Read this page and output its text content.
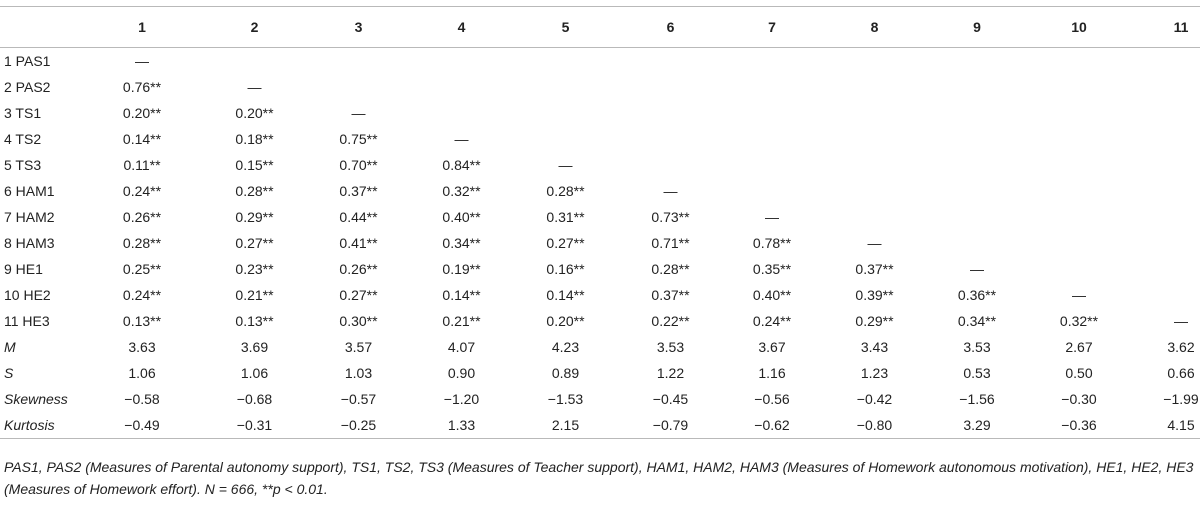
	1	2	3	4	5	6	7	8	9	10	11
1 PAS1	—										
2 PAS2	0.76**	—									
3 TS1	0.20**	0.20**	—								
4 TS2	0.14**	0.18**	0.75**	—							
5 TS3	0.11**	0.15**	0.70**	0.84**	—						
6 HAM1	0.24**	0.28**	0.37**	0.32**	0.28**	—					
7 HAM2	0.26**	0.29**	0.44**	0.40**	0.31**	0.73**	—				
8 HAM3	0.28**	0.27**	0.41**	0.34**	0.27**	0.71**	0.78**	—			
9 HE1	0.25**	0.23**	0.26**	0.19**	0.16**	0.28**	0.35**	0.37**	—		
10 HE2	0.24**	0.21**	0.27**	0.14**	0.14**	0.37**	0.40**	0.39**	0.36**	—	
11 HE3	0.13**	0.13**	0.30**	0.21**	0.20**	0.22**	0.24**	0.29**	0.34**	0.32**	—
M	3.63	3.69	3.57	4.07	4.23	3.53	3.67	3.43	3.53	2.67	3.62
S	1.06	1.06	1.03	0.90	0.89	1.22	1.16	1.23	0.53	0.50	0.66
Skewness	−0.58	−0.68	−0.57	−1.20	−1.53	−0.45	−0.56	−0.42	−1.56	−0.30	−1.99
Kurtosis	−0.49	−0.31	−0.25	1.33	2.15	−0.79	−0.62	−0.80	3.29	−0.36	4.15

PAS1, PAS2 (Measures of Parental autonomy support), TS1, TS2, TS3 (Measures of Teacher support), HAM1, HAM2, HAM3 (Measures of Homework autonomous motivation), HE1, HE2, HE3 (Measures of Homework effort). N = 666, **p < 0.01.
